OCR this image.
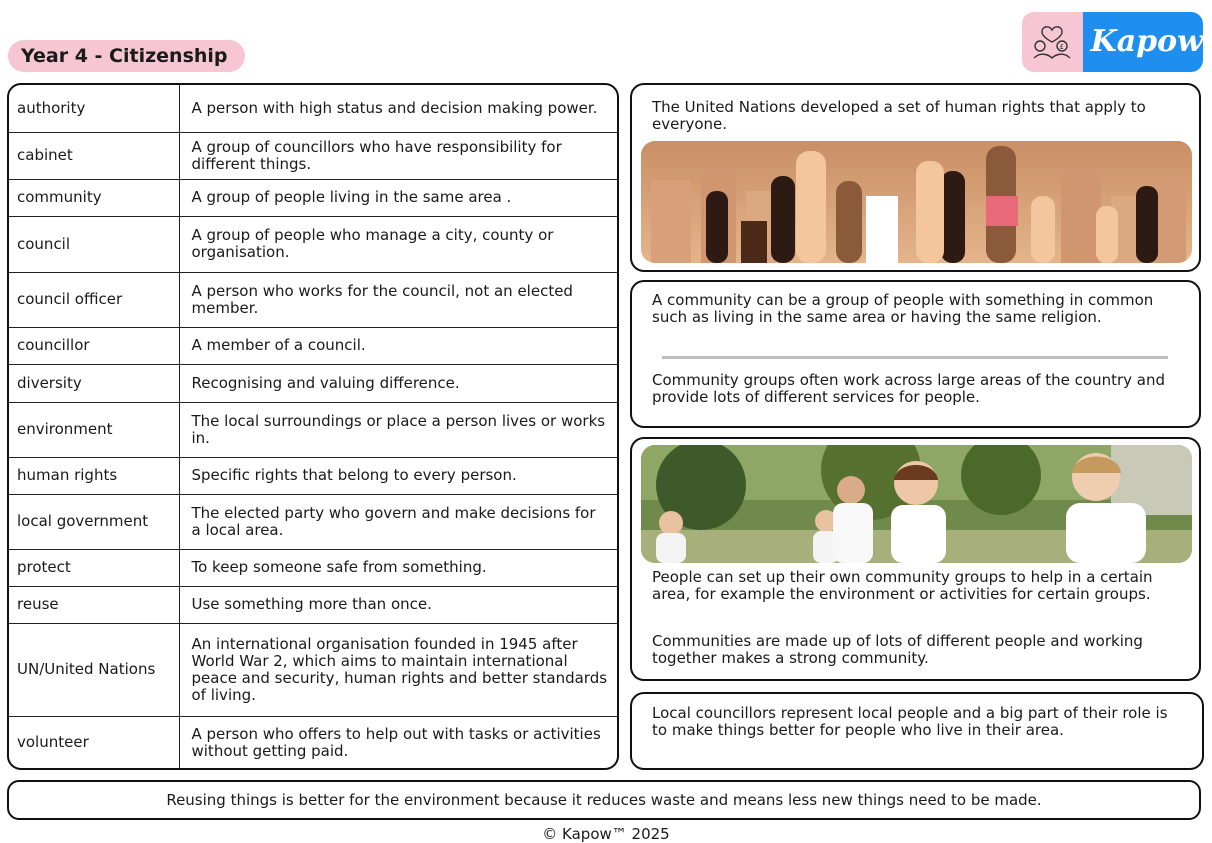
Year 4 - Citizenship	£ Kapow
authority	A person with high status and decision making power.
cabinet	A group of councillors who have responsibility for different things.
community	A group of people living in the same area .
council	A group of people who manage a city, county or organisation.
council officer	A person who works for the council, not an elected member.
councillor	A member of a council.
diversity	Recognising and valuing difference.
environment	The local surroundings or place a person lives or works in.
human rights	Specific rights that belong to every person.
local government	The elected party who govern and make decisions for a local area.
protect	To keep someone safe from something.
reuse	Use something more than once.
UN/United Nations	An international organisation founded in 1945 after World War 2, which aims to maintain international peace and security, human rights and better standards of living.
volunteer	A person who offers to help out with tasks or activities without getting paid.

The United Nations developed a set of human rights that apply to everyone.

A community can be a group of people with something in common such as living in the same area or having the same religion.

Community groups often work across large areas of the country and provide lots of different services for people.

People can set up their own community groups to help in a certain area, for example the environment or activities for certain groups.

Communities are made up of lots of different people and working together makes a strong community.

Local councillors represent local people and a big part of their role is to make things better for people who live in their area.

Reusing things is better for the environment because it reduces waste and means less new things need to be made.
© Kapow™ 2025
